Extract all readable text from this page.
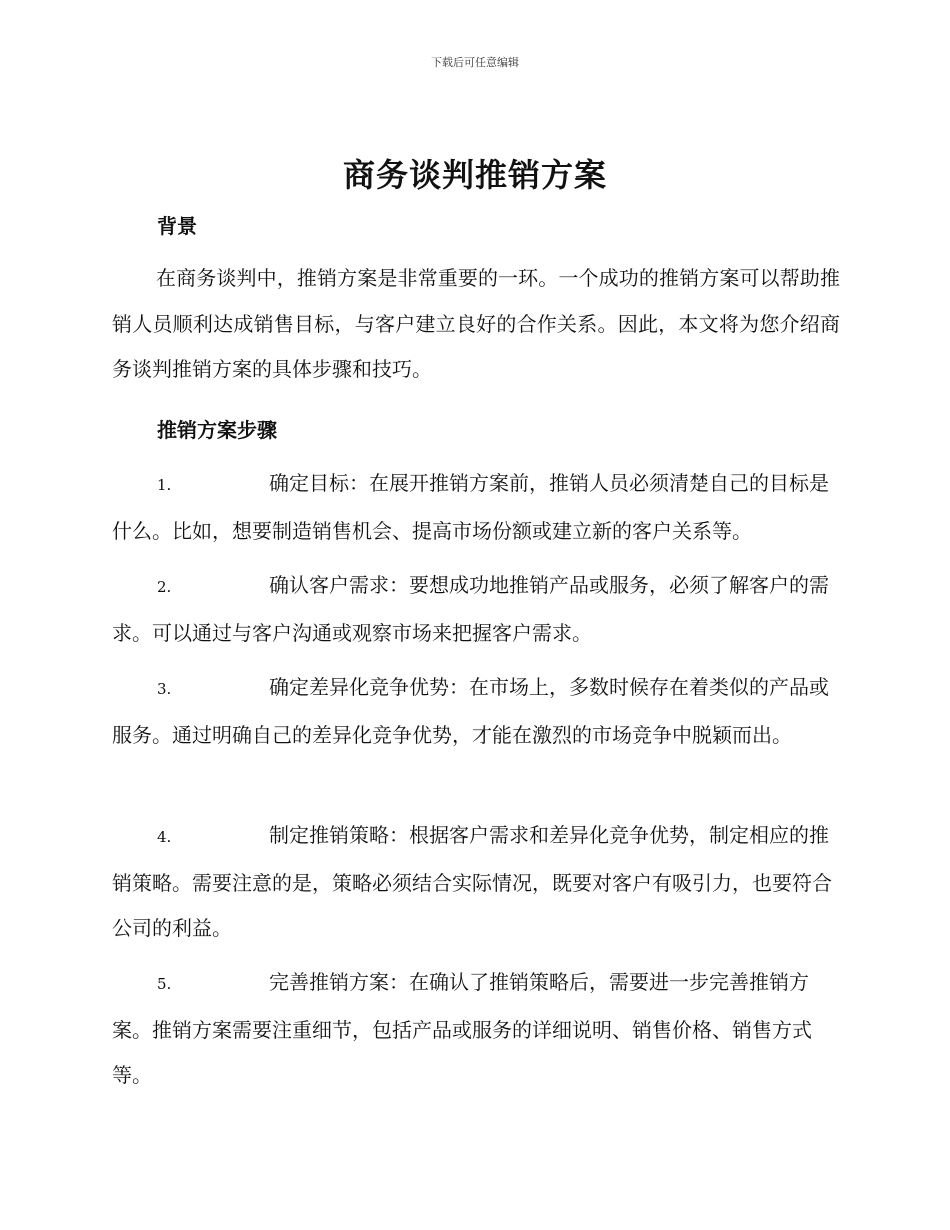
下载后可任意编辑
商务谈判推销方案
背景

在商务谈判中，推销方案是非常重要的一环。一个成功的推销方案可以帮助推销人员顺利达成销售目标，与客户建立良好的合作关系。因此，本文将为您介绍商务谈判推销方案的具体步骤和技巧。

推销方案步骤

1.	确定目标：在展开推销方案前，推销人员必须清楚自己的目标是什么。比如，想要制造销售机会、提高市场份额或建立新的客户关系等。

2.	确认客户需求：要想成功地推销产品或服务，必须了解客户的需求。可以通过与客户沟通或观察市场来把握客户需求。

3.	确定差异化竞争优势：在市场上，多数时候存在着类似的产品或服务。通过明确自己的差异化竞争优势，才能在激烈的市场竞争中脱颖而出。

4.	制定推销策略：根据客户需求和差异化竞争优势，制定相应的推销策略。需要注意的是，策略必须结合实际情况，既要对客户有吸引力，也要符合公司的利益。

5.	完善推销方案：在确认了推销策略后，需要进一步完善推销方案。推销方案需要注重细节，包括产品或服务的详细说明、销售价格、销售方式等。
